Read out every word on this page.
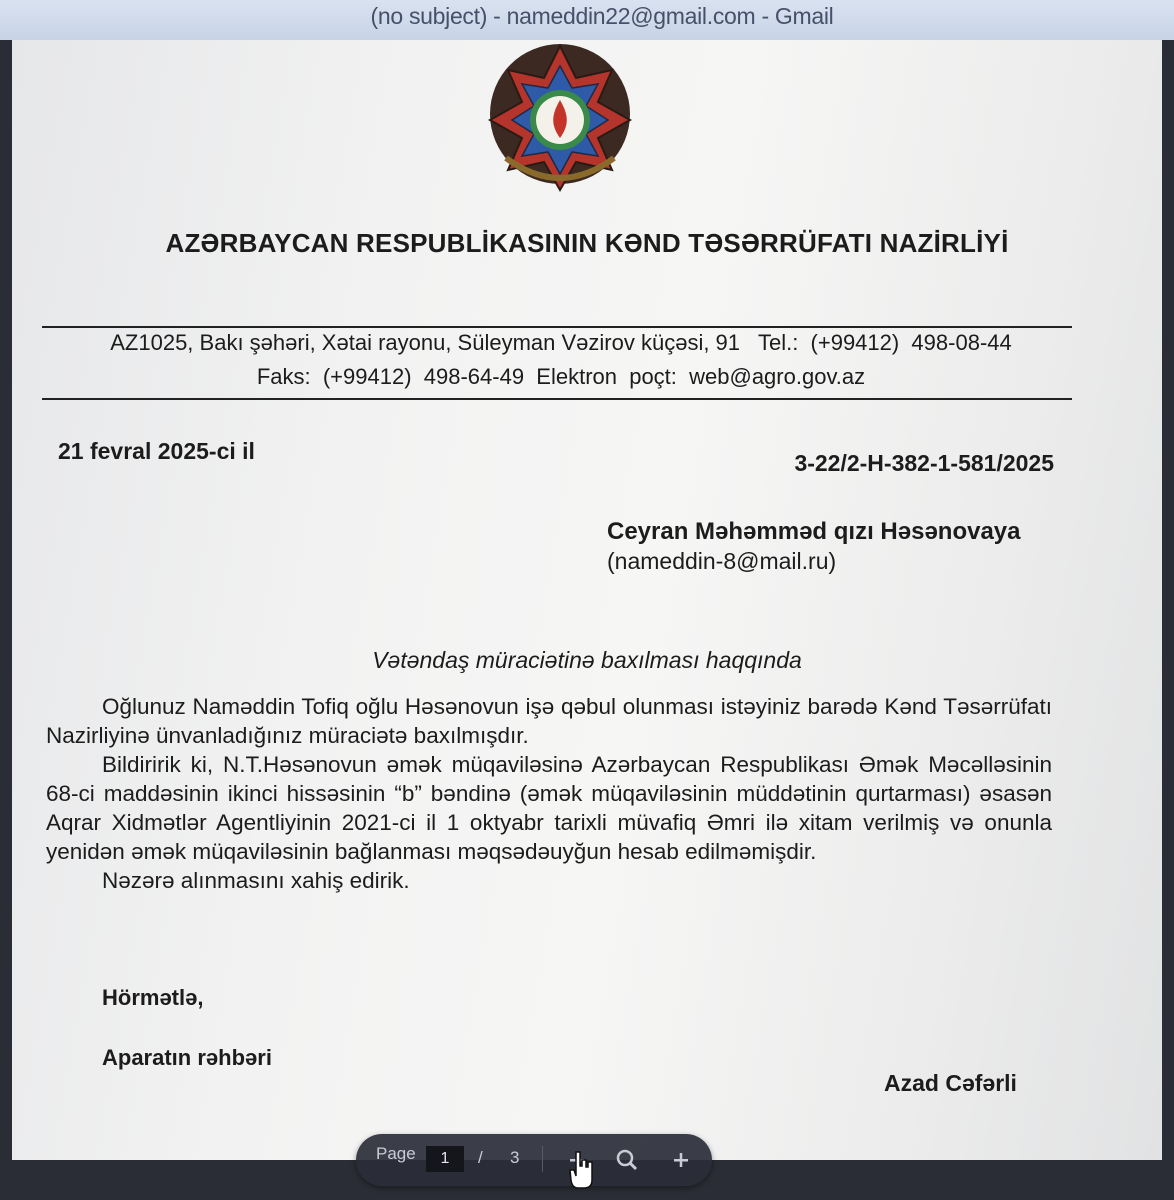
(no subject) - nameddin22@gmail.com - Gmail
AZƏRBAYCAN RESPUBLİKASININ KƏND TƏSƏRRÜFATI NAZİRLİYİ
AZ1025, Bakı şəhəri, Xətai rayonu, Süleyman Vəzirov küçəsi, 91   Tel.:  (+99412)  498-08-44
Faks:  (+99412)  498-64-49  Elektron  poçt:  web@agro.gov.az
21 fevral 2025-ci il	3-22/2-H-382-1-581/2025
Ceyran Məhəmməd qızı Həsənovaya
(nameddin-8@mail.ru)
Vətəndaş müraciətinə baxılması haqqında

Oğlunuz Naməddin Tofiq oğlu Həsənovun işə qəbul olunması istəyiniz barədə Kənd Təsərrüfatı Nazirliyinə ünvanladığınız müraciətə baxılmışdır.

Bildiririk ki, N.T.Həsənovun əmək müqaviləsinə Azərbaycan Respublikası Əmək Məcəlləsinin 68-ci maddəsinin ikinci hissəsinin “b” bəndinə (əmək müqaviləsinin müddətinin qurtarması) əsasən Aqrar Xidmətlər Agentliyinin 2021-ci il 1 oktyabr tarixli müvafiq Əmri ilə xitam verilmiş və onunla yenidən əmək müqaviləsinin bağlanması məqsədəuyğun hesab edilməmişdir.

Nəzərə alınmasını xahiş edirik.

Hörmətlə,
Aparatın rəhbəri
Azad Cəfərli
Page
1	/ 3
